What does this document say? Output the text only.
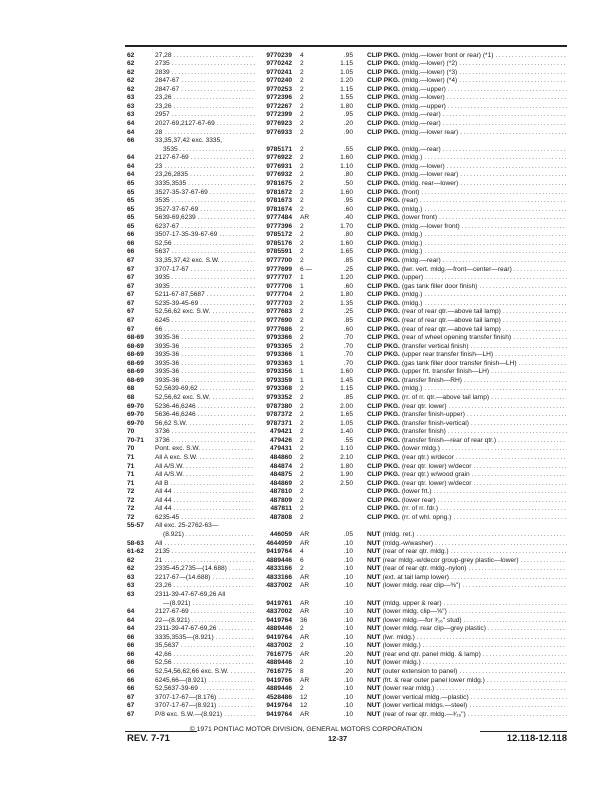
62	27,28 . . .	9770239 4	.95 CLIP PKG. (mldg.—lower front or rear) (*1)
. . .
62	2735 . . .	9770242 2	1.15 CLIP PKG. (mldg.—lower) (*2)
. . .
62	2839 . . .	9770241 2	1.05 CLIP PKG. (mldg.—lower) (*3)
. . .
62	2847-67 . . .	9770240 2	1.20 CLIP PKG. (mldg.—lower) (*4)
. . .
62	2847-67 . . .	9770253 2	1.15 CLIP PKG. (mldg.—upper)
. . .
63	23,26 . . .	9772396 2	1.55 CLIP PKG. (mldg.—lower)
. . .
63	23,26 . . .	9772267 2	1.80 CLIP PKG. (mldg.—upper)
. . .
63	2957 . . .	9772399 2	.95 CLIP PKG. (mldg.—rear)
. . .
64	2027-69,2127-67-69 . . .	9776923 2	.20 CLIP PKG. (mldg.—rear)
. . .
64	28 . . .	9776933 2	.90 CLIP PKG. (mldg.—lower rear)
. . .
66	33,35,37,42 exc. 3335,
3535 . . .	9785171 2	.55 CLIP PKG. (mldg.—rear)
. . .
64	2127-67-69 . . .	9776922 2	1.60 CLIP PKG. (mldg.)
. . .
64	23 . . .	9776931 2	1.10 CLIP PKG. (mldg.—lower)
. . .
64	23,26,2835 . . .	9776932 2	.80 CLIP PKG. (mldg.—lower rear)
. . .
65	3335,3535 . . .	9781675 2	.50 CLIP PKG. (mldg. rear—lower)
. . .
65	3527-35-37-67-69 . . .	9781672 2	1.60 CLIP PKG. (front)
. . .
65	3535 . . .	9781673 2	.95 CLIP PKG. (rear)
. . .
65	3527-37-67-69 . . .	9781674 2	.60 CLIP PKG. (mldg.)
. . .
65	5639-69,6239 . . .	9777484 AR	.40 CLIP PKG. (lower front)
. . .
65	6237-67 . . .	9777396 2	1.70 CLIP PKG. (mldg.—lower front)
. . .
66	3507-17-35-39-67-69 . . .	9785172 2	.80 CLIP PKG. (mldg.)
. . .
66	52,56 . . .	9785176 2	1.60 CLIP PKG. (mldg.)
. . .
66	5637 . . .	9785591 2	1.65 CLIP PKG. (mldg.)
. . .
67	33,35,37,42 exc. S.W. . . .	9777700 2	.85 CLIP PKG. (mldg.—rear)
. . .
67	3707-17-67 . . .	9777699 6 —	.25 CLIP PKG. (lwr. vert. mldg.—front—center—rear)
. . .
67	3935 . . .	9777707 1	1.20 CLIP PKG. (upper)
. . .
67	3935 . . .	9777706 1	.60 CLIP PKG. (gas tank filler door finish)
. . .
67	5211-67-87,5687 . . .	9777704 2	1.80 CLIP PKG. (mldg.)
. . .
67	5235-39-45-69 . . .	9777703 2	1.35 CLIP PKG. (mldg.)
. . .
67	52,56,62 exc. S.W. . . .	9777683 2	.25 CLIP PKG. (rear of rear qtr.—above tail lamp)
. . .
67	6245 . . .	9777690 2	.85 CLIP PKG. (rear of rear qtr.—above tail lamp)
. . .
67	66 . . .	9777686 2	.60 CLIP PKG. (rear of rear qtr.—above tail lamp)
. . .
68-69 3935-36 . . .	9793366 2	.70 CLIP PKG. (rear of wheel opening transfer finish)
. . .
68-69 3935-36 . . .	9793365 2	.70 CLIP PKG. (transfer vertical finish)
. . .
68-69 3935-36 . . .	9793366 1	.70 CLIP PKG. (upper rear transfer finish—LH)
. . .
68-69 3935-36 . . .	9793363 1	.70 CLIP PKG. (gas tank filler door transfer finish—LH)
. . .
68-69 3935-36 . . .	9793356 1	1.60 CLIP PKG. (upper frt. transfer finish—LH)
. . .
68-69 3935-36 . . .	9793359 1	1.45 CLIP PKG. (transfer finish—RH)
. . .
68	52,5639-69,62 . . .	9793368 2	1.15 CLIP PKG. (mldg.)
. . .
68	52,56,62 exc. S.W. . . .	9793352 2	.85 CLIP PKG. (rr. of rr. qtr.—above tail lamp)
. . .
69-70 5236-46,6246 . . .	9787380 2	2.00 CLIP PKG. (rear qtr. lower)
. . .
69-70 5636-46,6246 . . .	9787372 2	1.65 CLIP PKG. (transfer finish-upper)
. . .
69-70 56,62 S.W. . . .	9787371 2	1.05 CLIP PKG. (transfer finish-vertical)
. . .
70	3736 . . .	479421 2	1.40 CLIP PKG. (transfer finish)
. . .
70-71 3736 . . .	479426 2	.55 CLIP PKG. (transfer finish—rear of rear qtr.)
. . .
70	Pont. exc. S.W. . . .	479431 2	1.10 CLIP PKG. (lower mldg.)
. . .
71	All A exc. S.W. . . .	484860 2	2.10 CLIP PKG. (rear qtr.) w/decor
. . .
71	All A/S.W. . . .	484874 2	1.80 CLIP PKG. (rear qtr. lower) w/decor
. . .
71	All A/S.W. . . .	484875 2	1.90 CLIP PKG. (rear qtr.) w/wood grain
. . .
71	All B . . .	484869 2	2.50 CLIP PKG. (rear qtr. lower) w/decor
. . .
72	All 44 . . .	487810 2	CLIP PKG. (lower frt.)
. . .
72	All 44 . . .	487809 2	CLIP PKG. (lower rear)
. . .
72	All 44 . . .	487811 2	CLIP PKG. (rr. of rr. fdr.)
. . .
72	6235-45 . . .	487808 2	CLIP PKG. (rr. of whl. opng.)
. . .
55-57 All exc. 25-2762-63—
(8.921) . . .	446059 AR	.05 NUT (mldg. ret.)
. . .
58-63 All . . .	4644959 AR	.10 NUT (mldg.-w/washer)
. . .
61-62 2135 . . .	9419764 4	.10 NUT (rear of rear qtr. mldg.)
. . .
62	21 . . .	4889446 6	.10 NUT (rear mldg.-w/decor group-grey plastic—lower)
. . .
62	2335-45,2735—(14.688) . . .	4833166 2	.10 NUT (rear of rear qtr. mldg.-nylon)
. . .
63	2217-67—(14.688) . . .	4833166 AR	.10 NUT (ext. at tail lamp lower)
. . .
63	23,26 . . .	4837002 AR	.10 NUT (lower mldg. rear clip—⅜")
. . .
63	2311-39-47-67-69,26 All
—(8.921) . . .	9419761 AR	.10 NUT (mldg. upper & rear)
. . .
64	2127-67-69 . . .	4837002 AR	.10 NUT (lower mldg. clip—⅝")
. . .
64	22—(8.921) . . .	9419764 36	.10 NUT (lower mldg.—for ³⁄₁₆" stud)
. . .
64	2311-39-47-67-69,26 . . .	4889446 2	.10 NUT (lower mldg. rear clip—grey plastic)
. . .
66	3335,3535—(8.921) . . .	9419764 AR	.10 NUT (lwr. mldg.)
. . .
66	35,5637 . . .	4837002 2	.10 NUT (lower mldg.)
. . .
66	42,66 . . .	7616775 AR	.20 NUT (rear end qtr. panel mldg. & lamp)
. . .
66	52,56 . . .	4889446 2	.10 NUT (lower mldg.)
. . .
66	52,54,56,62,66 exc. S.W. . . .	7616775 8	.20 NUT (outer extension to panel)
. . .
66	6245,66—(8.921) . . .	9419766 AR	.10 NUT (frt. & rear outer panel lower mldg.)
. . .
66	52,5637-39-69 . . .	4889446 2	.10 NUT (lower rear mldg.)
. . .
67	3707-17-67—(8.176) . . .	4528486 12	.10 NUT (lower vertical mldg.—plastic)
. . .
67	3707-17-67—(8.921) . . .	9419764 12	.10 NUT (lower vertical mldgs.—steel)
. . .
67	P/8 exc. S.W.—(8.921) . . .	9419764 AR	.10 NUT (rear of rear qtr. mldg.—³⁄₁₆")
. . .
© 1971 PONTIAC MOTOR DIVISION, GENERAL MOTORS CORPORATION
REV. 7-71	12-37	12.118-12.118
